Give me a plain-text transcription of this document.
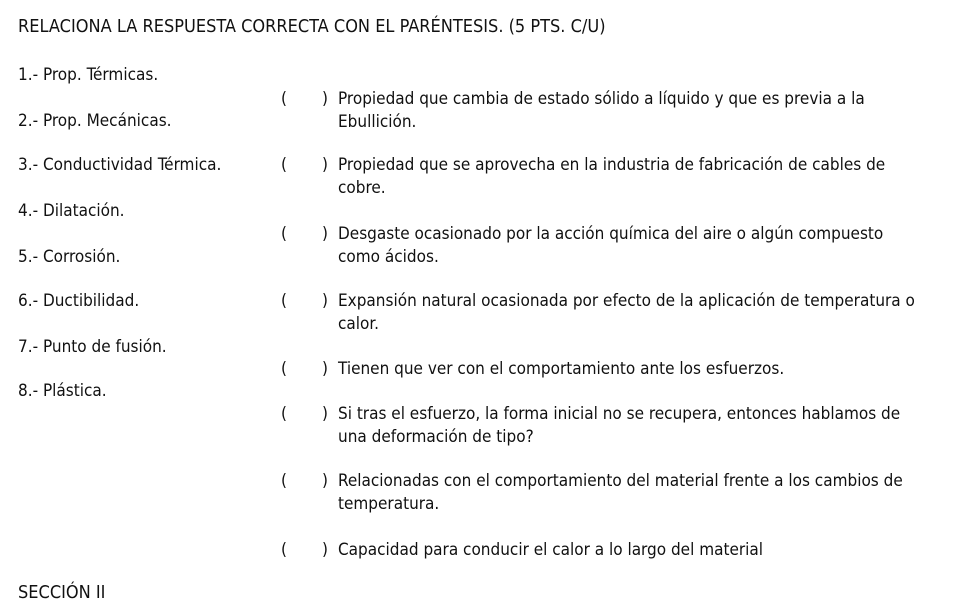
RELACIONA LA RESPUESTA CORRECTA CON EL PARÉNTESIS. (5 PTS. C/U)
1.- Prop. Térmicas.
2.- Prop. Mecánicas.
3.- Conductividad Térmica.
4.- Dilatación.
5.- Corrosión.
6.- Ductibilidad.
7.- Punto de fusión.
8.- Plástica.
( ) Propiedad que cambia de estado sólido a líquido y que es previa a la
Ebullición.
( ) Propiedad que se aprovecha en la industria de fabricación de cables de
cobre.
( ) Desgaste ocasionado por la acción química del aire o algún compuesto
como ácidos.
( ) Expansión natural ocasionada por efecto de la aplicación de temperatura o
calor.
( ) Tienen que ver con el comportamiento ante los esfuerzos.
( ) Si tras el esfuerzo, la forma inicial no se recupera, entonces hablamos de
una deformación de tipo?
( ) Relacionadas con el comportamiento del material frente a los cambios de
temperatura.
( ) Capacidad para conducir el calor a lo largo del material
SECCIÓN II
